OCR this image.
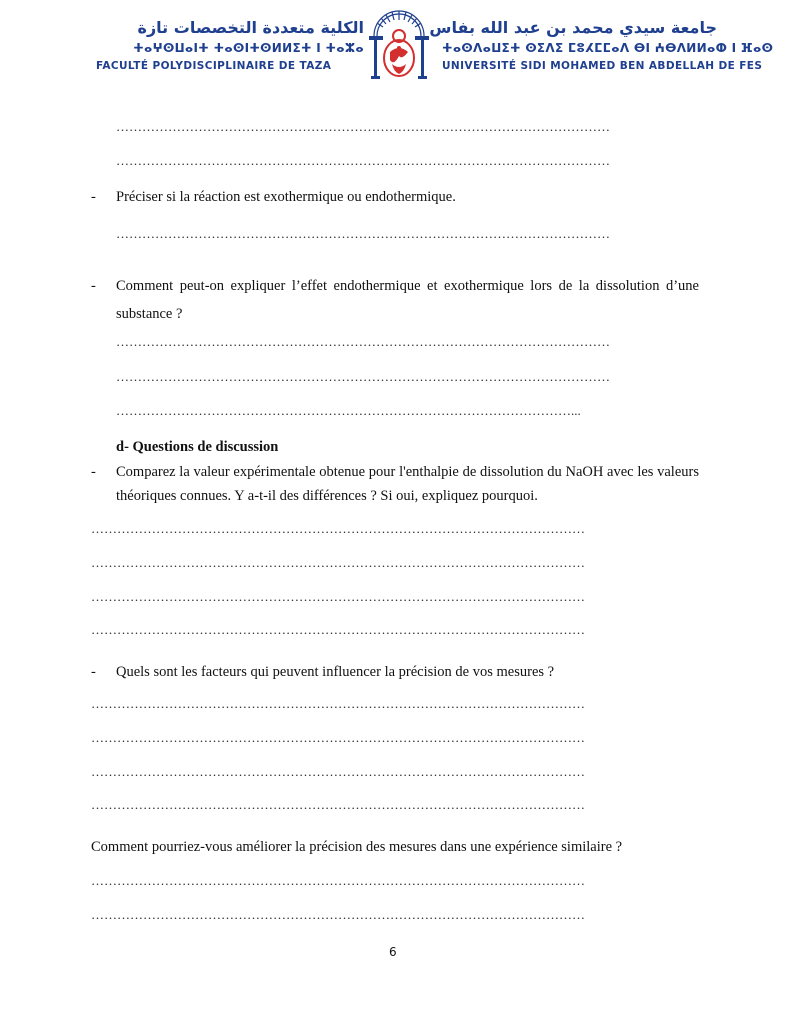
الكلية متعددة التخصصات تازة
ⵜⴰⵖⵙⵡⴰⵏⵜ ⵜⴰⵙⵏⵜⵙⵍⵍⵉⵜ ⵏ ⵜⴰⵣⴰ
FACULTÉ POLYDISCIPLINAIRE DE TAZA
جامعة سيدي محمد بن عبد الله بفاس
ⵜⴰⵙⴷⴰⵡⵉⵜ ⵙⵉⴷⵉ ⵎⵓⵃⵎⵎⴰⴷ ⴱⵏ ⵄⴱⴷⵍⵍⴰⵀ ⵏ ⴼⴰⵙ
UNIVERSITÉ SIDI MOHAMED BEN ABDELLAH DE FES
……………………………………………………………………………………………………
……………………………………………………………………………………………………
- Préciser si la réaction est exothermique ou endothermique.
……………………………………………………………………………………………………
- Comment peut-on expliquer l’effet endothermique et exothermique lors de la dissolution d’une
substance ?
……………………………………………………………………………………………………
……………………………………………………………………………………………………
……………………………………………………………………………………………...
d- Questions de discussion
- Comparez la valeur expérimentale obtenue pour l'enthalpie de dissolution du NaOH avec les valeurs
théoriques connues. Y a-t-il des différences ? Si oui, expliquez pourquoi.
……………………………………………………………………………………………………
……………………………………………………………………………………………………
……………………………………………………………………………………………………
……………………………………………………………………………………………………
- Quels sont les facteurs qui peuvent influencer la précision de vos mesures ?
……………………………………………………………………………………………………
……………………………………………………………………………………………………
……………………………………………………………………………………………………
……………………………………………………………………………………………………
Comment pourriez-vous améliorer la précision des mesures dans une expérience similaire ?
……………………………………………………………………………………………………
……………………………………………………………………………………………………
6
